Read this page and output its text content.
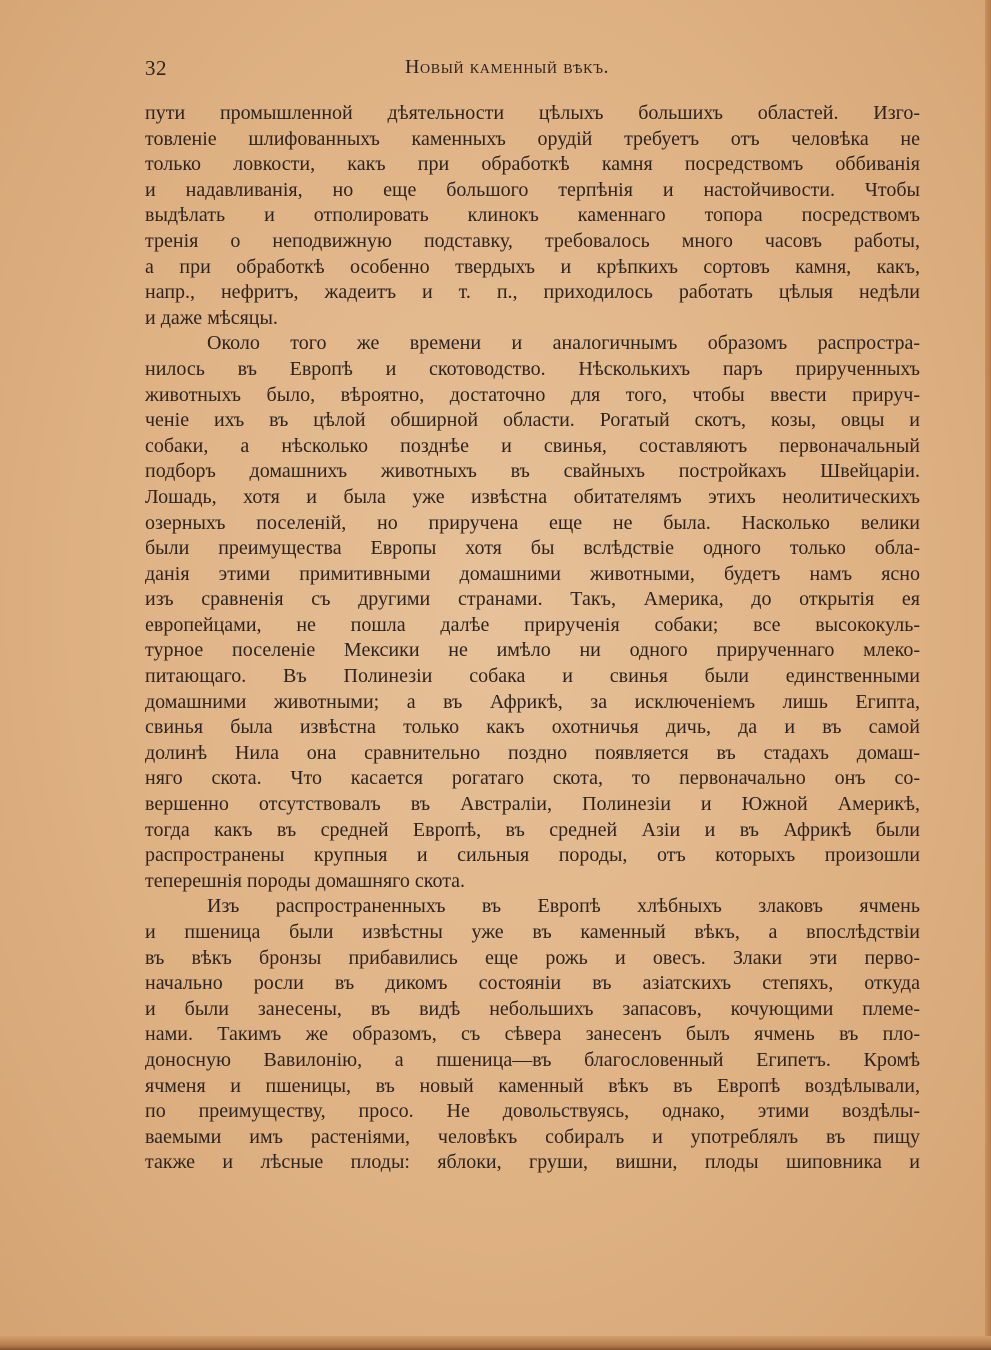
32	Новый каменный вѣкъ.
пути промышленной дѣятельности цѣлыхъ большихъ областей. Изго-
товленіе шлифованныхъ каменныхъ орудій требуетъ отъ человѣка не
только ловкости, какъ при обработкѣ камня посредствомъ оббиванія
и надавливанія, но еще большого терпѣнія и настойчивости. Чтобы
выдѣлать и отполировать клинокъ каменнаго топора посредствомъ
тренія о неподвижную подставку, требовалось много часовъ работы,
а при обработкѣ особенно твердыхъ и крѣпкихъ сортовъ камня, какъ,
напр., нефритъ, жадеитъ и т. п., приходилось работать цѣлыя недѣли
и даже мѣсяцы.
Около того же времени и аналогичнымъ образомъ распростра-
нилось въ Европѣ и скотоводство. Нѣсколькихъ паръ прирученныхъ
животныхъ было, вѣроятно, достаточно для того, чтобы ввести прируч-
ченіе ихъ въ цѣлой обширной области. Рогатый скотъ, козы, овцы и
собаки, а нѣсколько позднѣе и свинья, составляютъ первоначальный
подборъ домашнихъ животныхъ въ свайныхъ постройкахъ Швейцаріи.
Лошадь, хотя и была уже извѣстна обитателямъ этихъ неолитическихъ
озерныхъ поселеній, но приручена еще не была. Насколько велики
были преимущества Европы хотя бы вслѣдствіе одного только обла-
данія этими примитивными домашними животными, будетъ намъ ясно
изъ сравненія съ другими странами. Такъ, Америка, до открытія ея
европейцами, не пошла далѣе прирученія собаки; все высококуль-
турное поселеніе Мексики не имѣло ни одного прирученнаго млеко-
питающаго. Въ Полинезіи собака и свинья были единственными
домашними животными; а въ Африкѣ, за исключеніемъ лишь Египта,
свинья была извѣстна только какъ охотничья дичь, да и въ самой
долинѣ Нила она сравнительно поздно появляется въ стадахъ домаш-
няго скота. Что касается рогатаго скота, то первоначально онъ со-
вершенно отсутствовалъ въ Австраліи, Полинезіи и Южной Америкѣ,
тогда какъ въ средней Европѣ, въ средней Азіи и въ Африкѣ были
распространены крупныя и сильныя породы, отъ которыхъ произошли
теперешнія породы домашняго скота.
Изъ распространенныхъ въ Европѣ хлѣбныхъ злаковъ ячмень
и пшеница были извѣстны уже въ каменный вѣкъ, а впослѣдствіи
въ вѣкъ бронзы прибавились еще рожь и овесъ. Злаки эти перво-
начально росли въ дикомъ состояніи въ азіатскихъ степяхъ, откуда
и были занесены, въ видѣ небольшихъ запасовъ, кочующими племе-
нами. Такимъ же образомъ, съ сѣвера занесенъ былъ ячмень въ пло-
доносную Вавилонію, а пшеница—въ благословенный Египетъ. Кромѣ
ячменя и пшеницы, въ новый каменный вѣкъ въ Европѣ воздѣлывали,
по преимуществу, просо. Не довольствуясь, однако, этими воздѣлы-
ваемыми имъ растеніями, человѣкъ собиралъ и употреблялъ въ пищу
также и лѣсные плоды: яблоки, груши, вишни, плоды шиповника и
